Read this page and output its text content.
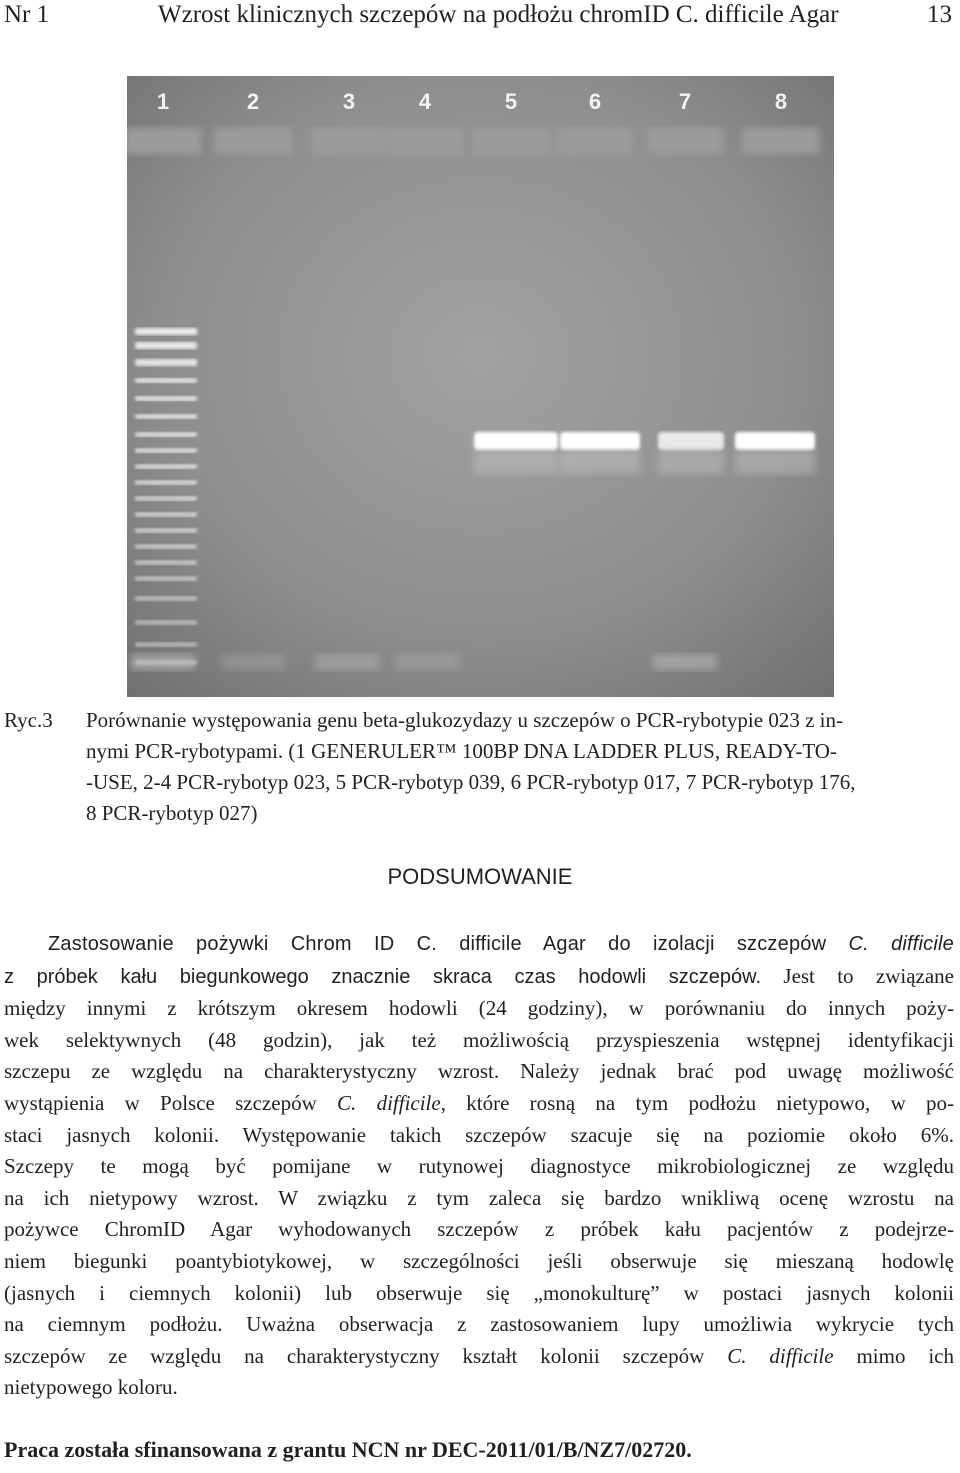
Nr 1	Wzrost klinicznych szczepów na podłożu chromID C. difficile Agar	13
1	2	3	4	5	6	7	8
Ryc.3 Porównanie występowania genu beta-glukozydazy u szczepów o PCR-rybotypie 023 z in-

nymi PCR-rybotypami. (1 GENERULER™ 100BP DNA LADDER PLUS, READY-TO-

-USE, 2-4 PCR-rybotyp 023, 5 PCR-rybotyp 039, 6 PCR-rybotyp 017, 7 PCR-rybotyp 176,

8 PCR-rybotyp 027)

PODSUMOWANIE

Zastosowanie pożywki Chrom ID C. difficile Agar do izolacji szczepów C. difficile

z próbek kału biegunkowego znacznie skraca czas hodowli szczepów. Jest to związane

między innymi z krótszym okresem hodowli (24 godziny), w porównaniu do innych poży-

wek selektywnych (48 godzin), jak też możliwością przyspieszenia wstępnej identyfikacji

szczepu ze względu na charakterystyczny wzrost. Należy jednak brać pod uwagę możliwość

wystąpienia w Polsce szczepów C. difficile, które rosną na tym podłożu nietypowo, w po-

staci jasnych kolonii. Występowanie takich szczepów szacuje się na poziomie około 6%.

Szczepy te mogą być pomijane w rutynowej diagnostyce mikrobiologicznej ze względu

na ich nietypowy wzrost. W związku z tym zaleca się bardzo wnikliwą ocenę wzrostu na

pożywce ChromID Agar wyhodowanych szczepów z próbek kału pacjentów z podejrze-

niem biegunki poantybiotykowej, w szczególności jeśli obserwuje się mieszaną hodowlę

(jasnych i ciemnych kolonii) lub obserwuje się „monokulturę” w postaci jasnych kolonii

na ciemnym podłożu. Uważna obserwacja z zastosowaniem lupy umożliwia wykrycie tych

szczepów ze względu na charakterystyczny kształt kolonii szczepów C. difficile mimo ich

nietypowego koloru.

Praca została sfinansowana z grantu NCN nr DEC-2011/01/B/NZ7/02720.
